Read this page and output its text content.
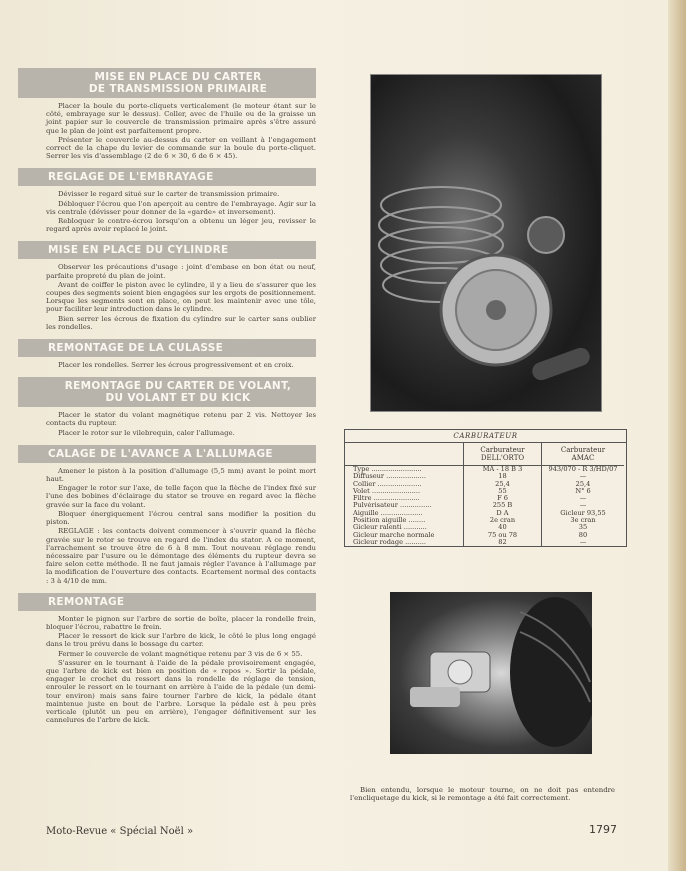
MISE EN PLACE DU CARTER
DE TRANSMISSION PRIMAIRE

Placer la boule du porte-cliquets verticalement (le moteur étant sur le côté, embrayage sur le dessus). Coller, avec de l'huile ou de la graisse un joint papier sur le couvercle de transmission primaire après s'être assuré que le plan de joint est parfaitement propre.

Présenter le couvercle au-dessus du carter en veillant à l'engagement correct de la chape du levier de commande sur la boule du porte-cliquet. Serrer les vis d'assemblage (2 de 6 × 30, 6 de 6 × 45).

REGLAGE DE L'EMBRAYAGE

Dévisser le regard situé sur le carter de transmission primaire.

Débloquer l'écrou que l'on aperçoit au centre de l'embrayage. Agir sur la vis centrale (dévisser pour donner de la «garde» et inversement).

Rebloquer le contre-écrou lorsqu'on a obtenu un léger jeu, revisser le regard après avoir replacé le joint.

MISE EN PLACE DU CYLINDRE

Observer les précautions d'usage : joint d'embase en bon état ou neuf, parfaite propreté du plan de joint.

Avant de coiffer le piston avec le cylindre, il y a lieu de s'assurer que les coupes des segments soient bien engagées sur les ergots de positionnement. Lorsque les segments sont en place, on peut les maintenir avec une tôle, pour faciliter leur introduction dans le cylindre.

Bien serrer les écrous de fixation du cylindre sur le carter sans oublier les rondelles.

REMONTAGE DE LA CULASSE

Placer les rondelles. Serrer les écrous progressivement et en croix.

REMONTAGE DU CARTER DE VOLANT,
DU VOLANT ET DU KICK

Placer le stator du volant magnétique retenu par 2 vis. Nettoyer les contacts du rupteur.

Placer le rotor sur le vilebrequin, caler l'allumage.

CALAGE DE L'AVANCE A L'ALLUMAGE

Amener le piston à la position d'allumage (5,5 mm) avant le point mort haut.

Engager le rotor sur l'axe, de telle façon que la flèche de l'index fixé sur l'une des bobines d'éclairage du stator se trouve en regard avec la flèche gravée sur la face du volant.

Bloquer énergiquement l'écrou central sans modifier la position du piston.

REGLAGE : les contacts doivent commencer à s'ouvrir quand la flèche gravée sur le rotor se trouve en regard de l'index du stator. A ce moment, l'arrachement se trouve être de 6 à 8 mm. Tout nouveau réglage rendu nécessaire par l'usure ou le démontage des éléments du rupteur devra se faire selon cette méthode. Il ne faut jamais régler l'avance à l'allumage par la modification de l'ouverture des contacts. Ecartement normal des contacts : 3 à 4/10 de mm.

REMONTAGE

Monter le pignon sur l'arbre de sortie de boîte, placer la rondelle frein, bloquer l'écrou, rabattre le frein.

Placer le ressort de kick sur l'arbre de kick, le côté le plus long engagé dans le trou prévu dans le bossage du carter.

Fermer le couvercle de volant magnétique retenu par 3 vis de 6 × 55.

S'assurer en le tournant à l'aide de la pédale provisoirement engagée, que l'arbre de kick est bien en position de « repos ». Sortir la pédale, engager le crochet du ressort dans la rondelle de réglage de tension, enrouler le ressort en le tournant en arrière à l'aide de la pédale (un demi-tour environ) mais sans faire tourner l'arbre de kick, la pédale étant maintenue juste en bout de l'arbre. Lorsque la pédale est à peu près verticale (plutôt un peu en arrière), l'engager définitivement sur les cannelures de l'arbre de kick.

CARBURATEUR
Carburateur
DELL'ORTO
Carburateur
AMAC
Type ........................	MA - 18 B 3	943/070 - R 3/HD/07
Diffuseur ...................	18	—
Collier .....................	25,4	25,4
Volet .......................	55	N° 6
Filtre ......................	F 6	—
Pulvérisateur ...............	255 B	—
Aiguille ....................	D A	Gicleur 93,55
Position aiguille ........	2e cran	3e cran
Gicleur ralenti ...........	40	35
Gicleur marche normale	75 ou 78	80
Gicleur rodage ..........	82	—
Bien entendu, lorsque le moteur tourne, on ne doit pas entendre l'encliquetage du kick, si le remontage a été fait correctement.
Moto-Revue « Spécial Noël »	1797
